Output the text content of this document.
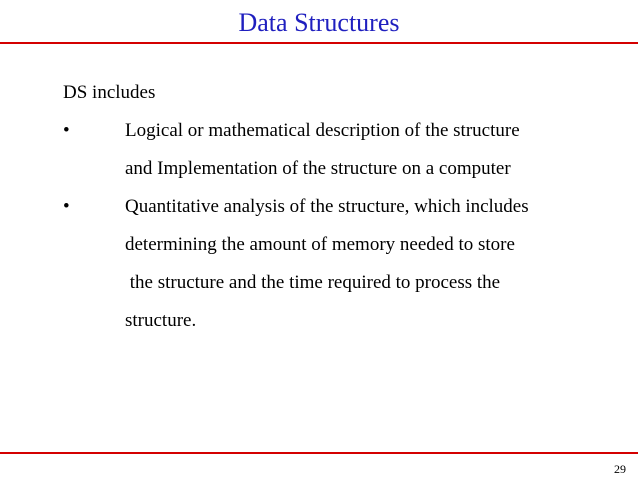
Data Structures
DS includes
•	Logical or mathematical description of the structure
and Implementation of the structure on a computer
•	Quantitative analysis of the structure, which includes
determining the amount of memory needed to store
the structure and the time required to process the
structure.
29
